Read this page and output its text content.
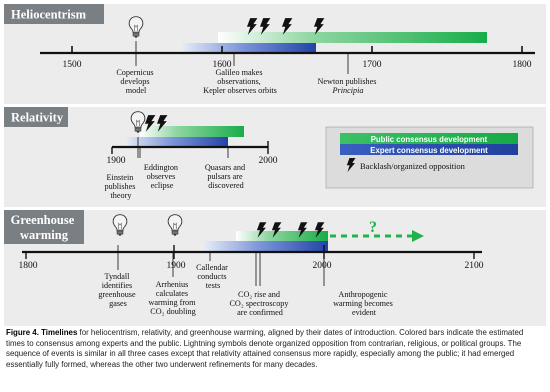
Heliocentrism
1500	1600	1700	1800
Copernicus develops model
Galileo makes observations, Kepler observes orbits
Newton publishes Principia
Relativity
1900	2000
Einstein publishes theory
Eddington observes eclipse
Quasars and pulsars are discovered
Public consensus development
Expert consensus development
Backlash/organized opposition
Greenhouse warming	?
1800	1900	2000	2100
Tyndall identifies greenhouse gases
Arrhenius calculates warming from CO₂ doubling
Callendar conducts tests
CO₂ rise and CO₂ spectroscopy are confirmed
Anthropogenic warming becomes evident
Figure 4. Timelines for heliocentrism, relativity, and greenhouse warming, aligned by their dates of introduction. Colored bars indicate the estimated times to consensus among experts and the public. Lightning symbols denote organized opposition from contrarian, religious, or political groups. The sequence of events is similar in all three cases except that relativity attained consensus more rapidly, especially among the public; it had emerged essentially fully formed, whereas the other two underwent refinements for many decades.
